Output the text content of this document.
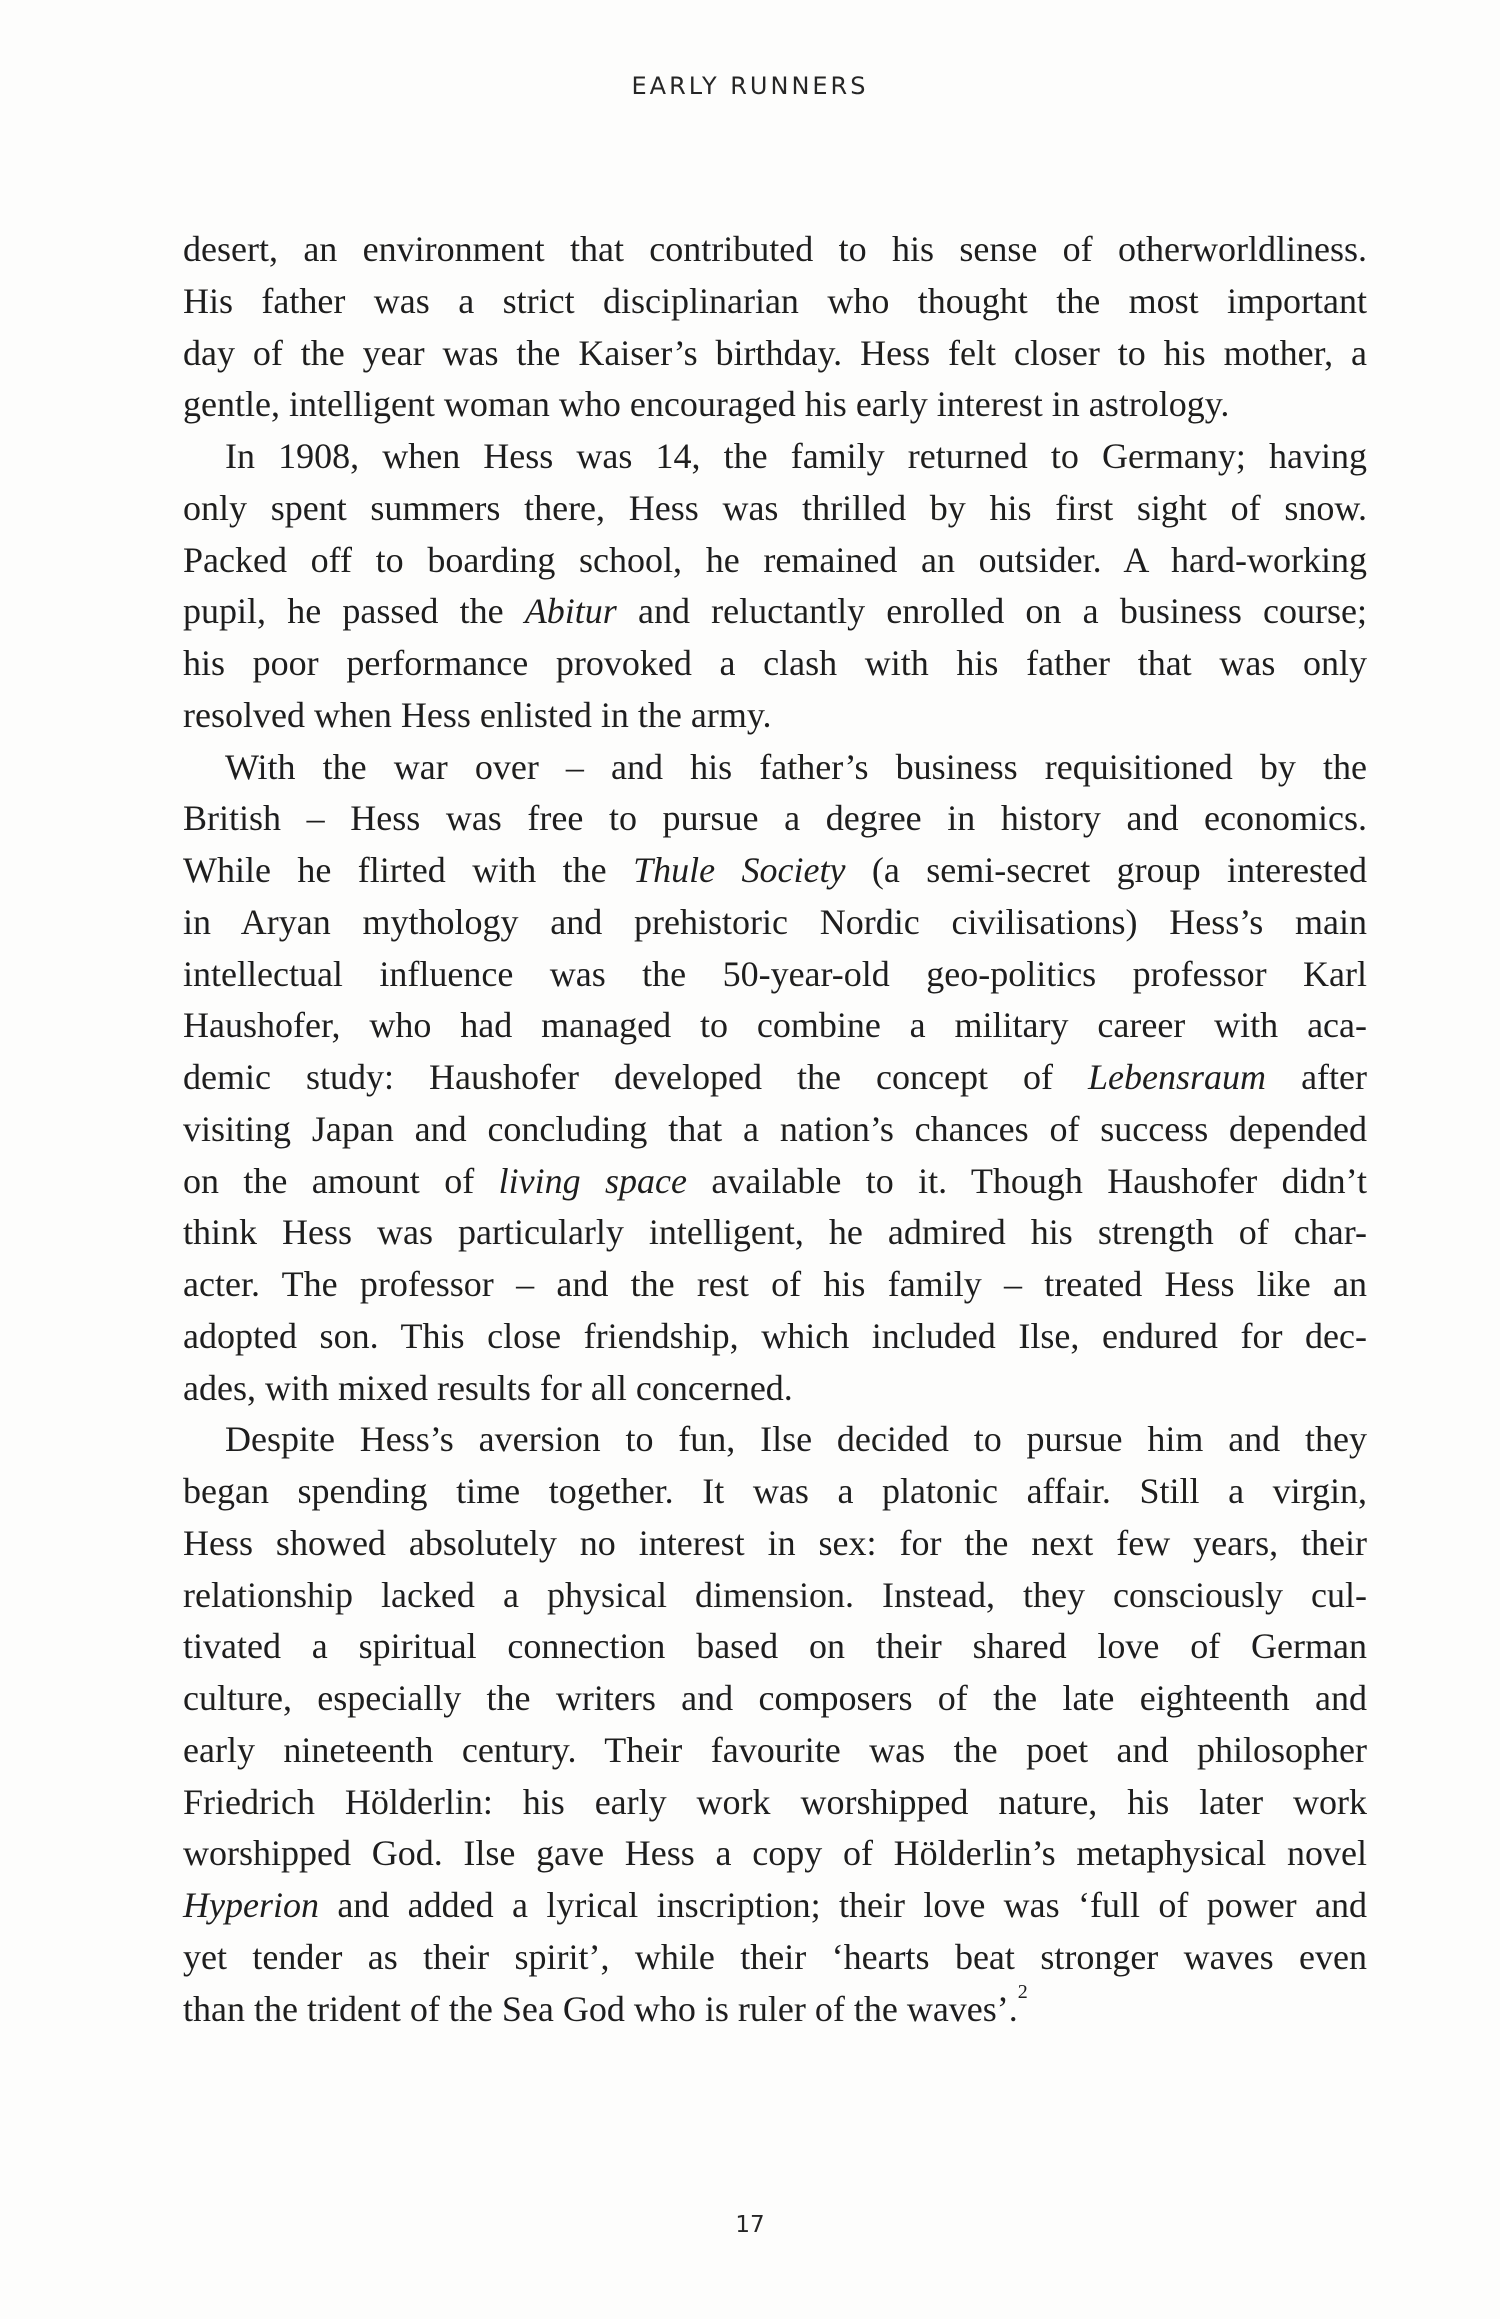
EARLY RUNNERS
desert, an environment that contributed to his sense of otherworldliness.
His father was a strict disciplinarian who thought the most important
day of the year was the Kaiser’s birthday. Hess felt closer to his mother, a
gentle, intelligent woman who encouraged his early interest in astrology.
In 1908, when Hess was 14, the family returned to Germany; having
only spent summers there, Hess was thrilled by his first sight of snow.
Packed off to boarding school, he remained an outsider. A hard-working
pupil, he passed the Abitur and reluctantly enrolled on a business course;
his poor performance provoked a clash with his father that was only
resolved when Hess enlisted in the army.
With the war over – and his father’s business requisitioned by the
British – Hess was free to pursue a degree in history and economics.
While he flirted with the Thule Society (a semi-secret group interested
in Aryan mythology and prehistoric Nordic civilisations) Hess’s main
intellectual influence was the 50-year-old geo-politics professor Karl
Haushofer, who had managed to combine a military career with aca-
demic study: Haushofer developed the concept of Lebensraum after
visiting Japan and concluding that a nation’s chances of success depended
on the amount of living space available to it. Though Haushofer didn’t
think Hess was particularly intelligent, he admired his strength of char-
acter. The professor – and the rest of his family – treated Hess like an
adopted son. This close friendship, which included Ilse, endured for dec-
ades, with mixed results for all concerned.
Despite Hess’s aversion to fun, Ilse decided to pursue him and they
began spending time together. It was a platonic affair. Still a virgin,
Hess showed absolutely no interest in sex: for the next few years, their
relationship lacked a physical dimension. Instead, they consciously cul-
tivated a spiritual connection based on their shared love of German
culture, especially the writers and composers of the late eighteenth and
early nineteenth century. Their favourite was the poet and philosopher
Friedrich Hölderlin: his early work worshipped nature, his later work
worshipped God. Ilse gave Hess a copy of Hölderlin’s metaphysical novel
Hyperion and added a lyrical inscription; their love was ‘full of power and
yet tender as their spirit’, while their ‘hearts beat stronger waves even
than the trident of the Sea God who is ruler of the waves’.$^2$
17
